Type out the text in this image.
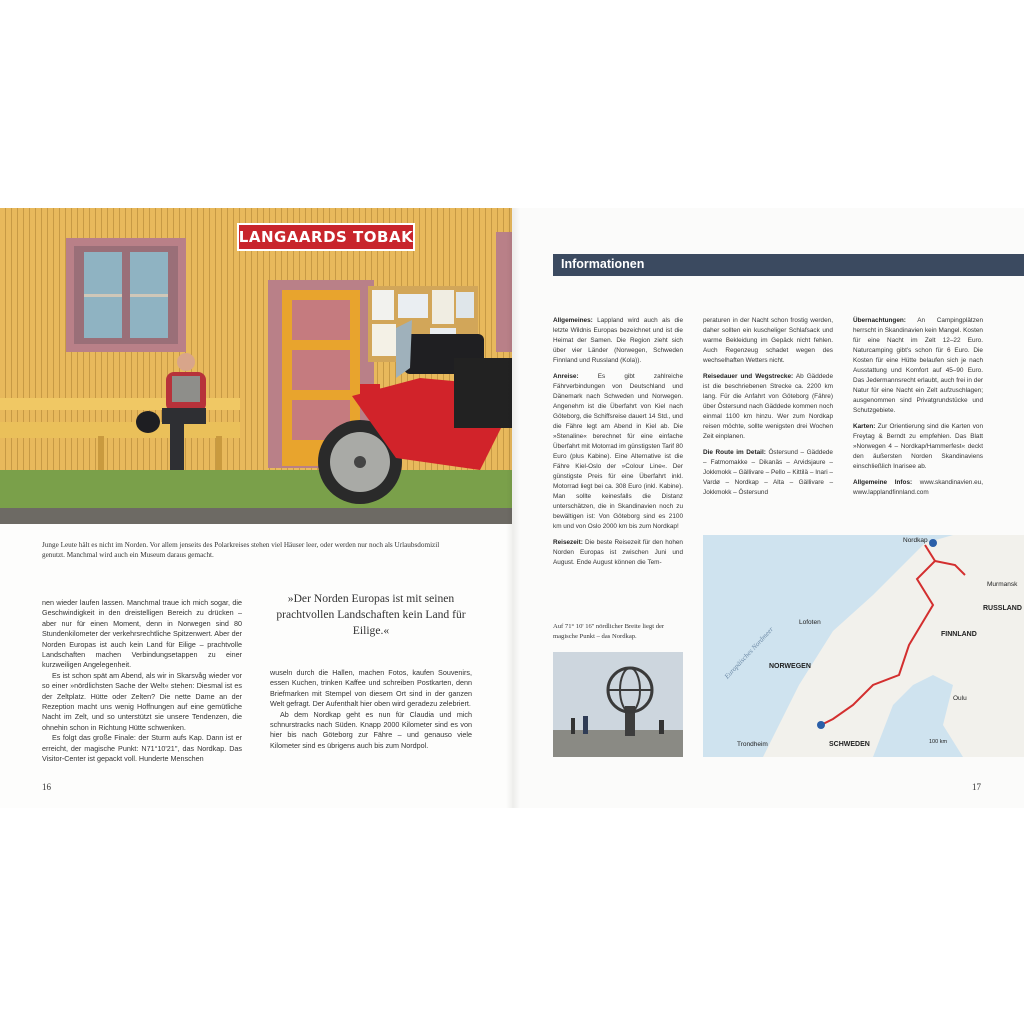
LANGAARDS TOBAK
Junge Leute hält es nicht im Norden. Vor allem jenseits des Polarkreises stehen viel Häuser leer, oder werden nur noch als Urlaubsdomizil genutzt. Manchmal wird auch ein Museum daraus gemacht.

nen wieder laufen lassen. Manchmal traue ich mich sogar, die Geschwindigkeit in den dreistelligen Bereich zu drücken – aber nur für einen Moment, denn in Norwegen sind 80 Stundenkilometer der verkehrsrechtliche Spitzenwert. Aber der Norden Europas ist auch kein Land für Eilige – prachtvolle Landschaften machen Verbindungsetappen zu einer kurzweiligen Angelegenheit.

Es ist schon spät am Abend, als wir in Skarsvåg wieder vor so einer »nördlichsten Sache der Welt« stehen: Diesmal ist es der Zeltplatz. Hütte oder Zelten? Die nette Dame an der Rezeption macht uns wenig Hoffnungen auf eine gemütliche Nacht im Zelt, und so unterstützt sie unsere Tendenzen, die ohnehin schon in Richtung Hütte schwenken.

Es folgt das große Finale: der Sturm aufs Kap. Dann ist er erreicht, der magische Punkt: N71°10'21'', das Nordkap. Das Visitor-Center ist gepackt voll. Hunderte Menschen

»Der Norden Europas ist mit seinen prachtvollen Landschaften kein Land für Eilige.«

wuseln durch die Hallen, machen Fotos, kaufen Souvenirs, essen Kuchen, trinken Kaffee und schreiben Postkarten, denn Briefmarken mit Stempel von diesem Ort sind in der ganzen Welt gefragt. Der Aufenthalt hier oben wird geradezu zelebriert.

Ab dem Nordkap geht es nun für Claudia und mich schnurstracks nach Süden. Knapp 2000 Kilometer sind es von hier bis nach Göteborg zur Fähre – und genauso viele Kilometer sind es übrigens auch bis zum Nordpol.

16
Informationen

Allgemeines: Lappland wird auch als die letzte Wildnis Europas bezeichnet und ist die Heimat der Samen. Die Region zieht sich über vier Länder (Norwegen, Schweden Finnland und Russland (Kola)).

Anreise: Es gibt zahlreiche Fährverbindungen von Deutschland und Dänemark nach Schweden und Norwegen. Angenehm ist die Überfahrt von Kiel nach Göteborg, die Schiffsreise dauert 14 Std., und die Fähre legt am Abend in Kiel ab. Die »Stenaline« berechnet für eine einfache Überfahrt mit Motorrad im günstigsten Tarif 80 Euro (plus Kabine). Eine Alternative ist die Fähre Kiel-Oslo der »Colour Line«. Der günstigste Preis für eine Überfahrt inkl. Motorrad liegt bei ca. 308 Euro (inkl. Kabine). Man sollte keinesfalls die Distanz unterschätzen, die in Skandinavien noch zu bewältigen ist: Von Göteborg sind es 2100 km und von Oslo 2000 km bis zum Nordkap!

Reisezeit: Die beste Reisezeit für den hohen Norden Europas ist zwischen Juni und August. Ende August können die Tem-

peraturen in der Nacht schon frostig werden, daher sollten ein kuscheliger Schlafsack und warme Bekleidung im Gepäck nicht fehlen. Auch Regenzeug schadet wegen des wechselhaften Wetters nicht.

Reisedauer und Wegstrecke: Ab Gäddede ist die beschriebenen Strecke ca. 2200 km lang. Für die Anfahrt von Göteborg (Fähre) über Östersund nach Gäddede kommen noch einmal 1100 km hinzu. Wer zum Nordkap reisen möchte, sollte wenigsten drei Wochen Zeit einplanen.

Die Route im Detail: Östersund – Gäddede – Fatmomakke – Dikanäs – Arvidsjaure – Jokkmokk – Gällivare – Pello – Kittilä – Inari – Vardø – Nordkap – Alta – Gällivare – Jokkmokk – Östersund

Übernachtungen: An Campingplätzen herrscht in Skandinavien kein Mangel. Kosten für eine Nacht im Zelt 12–22 Euro. Naturcamping gibt's schon für 6 Euro. Die Kosten für eine Hütte belaufen sich je nach Ausstattung und Komfort auf 45–90 Euro. Das Jedermannsrecht erlaubt, auch frei in der Natur für eine Nacht ein Zelt aufzuschlagen; ausgenommen sind Privatgrundstücke und Schutzgebiete.

Karten: Zur Orientierung sind die Karten von Freytag & Berndt zu empfehlen. Das Blatt »Norwegen 4 – Nordkap/Hammerfest« deckt den äußersten Norden Skandinaviens einschließlich Inarisee ab.

Allgemeine Infos: www.skandinavien.eu, www.lapplandfinnland.com

Auf 71° 10' 16'' nördlicher Breite liegt der magische Punkt – das Nordkap.	Europäisches Nordmeer
Nordkap
Murmansk
RUSSLAND
FINNLAND
Lofoten
NORWEGEN
SCHWEDEN
Oulu
Trondheim	100 km
17
